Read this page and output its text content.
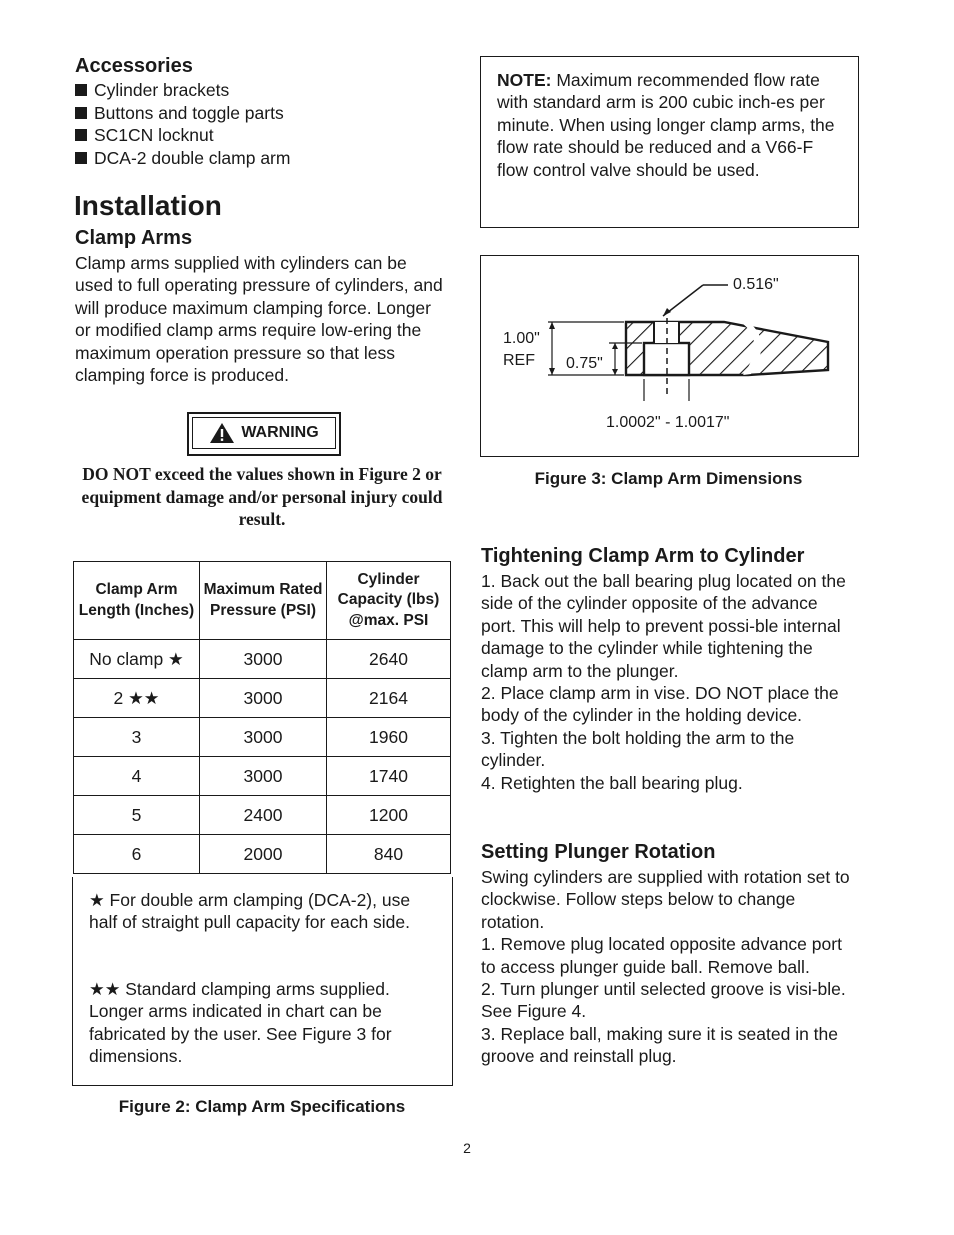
Accessories
Cylinder brackets
Buttons and toggle parts
SC1CN locknut
DCA-2 double clamp arm
Installation
Clamp Arms
Clamp arms supplied with cylinders can be used to full operating pressure of cylinders, and will produce maximum clamping force. Longer or modified clamp arms require low-ering the maximum operation pressure so that less clamping force is produced.
WARNING
DO NOT exceed the values shown in Figure 2 or equipment damage and/or personal injury could result.
Clamp Arm Length (Inches)	Maximum Rated Pressure (PSI)	Cylinder Capacity (lbs) @max. PSI
No clamp ★	3000	2640
2 ★★	3000	2164
3	3000	1960
4	3000	1740
5	2400	1200
6	2000	840

★ For double arm clamping (DCA-2), use half of straight pull capacity for each side.

★★ Standard clamping arms supplied. Longer arms indicated in chart can be fabricated by the user. See Figure 3 for dimensions.

Figure 2: Clamp Arm Specifications
NOTE: Maximum recommended flow rate with standard arm is 200 cubic inch-es per minute. When using longer clamp arms, the flow rate should be reduced and a V66-F flow control valve should be used.
0.516"
1.00"
REF 0.75"
1.0002" - 1.0017"
Figure 3: Clamp Arm Dimensions
Tightening Clamp Arm to Cylinder

1. Back out the ball bearing plug located on the side of the cylinder opposite of the advance port. This will help to prevent possi-ble internal damage to the cylinder while tightening the clamp arm to the plunger.

2. Place clamp arm in vise. DO NOT place the body of the cylinder in the holding device.

3. Tighten the bolt holding the arm to the cylinder.

4. Retighten the ball bearing plug.

Setting Plunger Rotation

Swing cylinders are supplied with rotation set to clockwise. Follow steps below to change rotation.

1. Remove plug located opposite advance port to access plunger guide ball. Remove ball.

2. Turn plunger until selected groove is visi-ble. See Figure 4.

3. Replace ball, making sure it is seated in the groove and reinstall plug.

2
